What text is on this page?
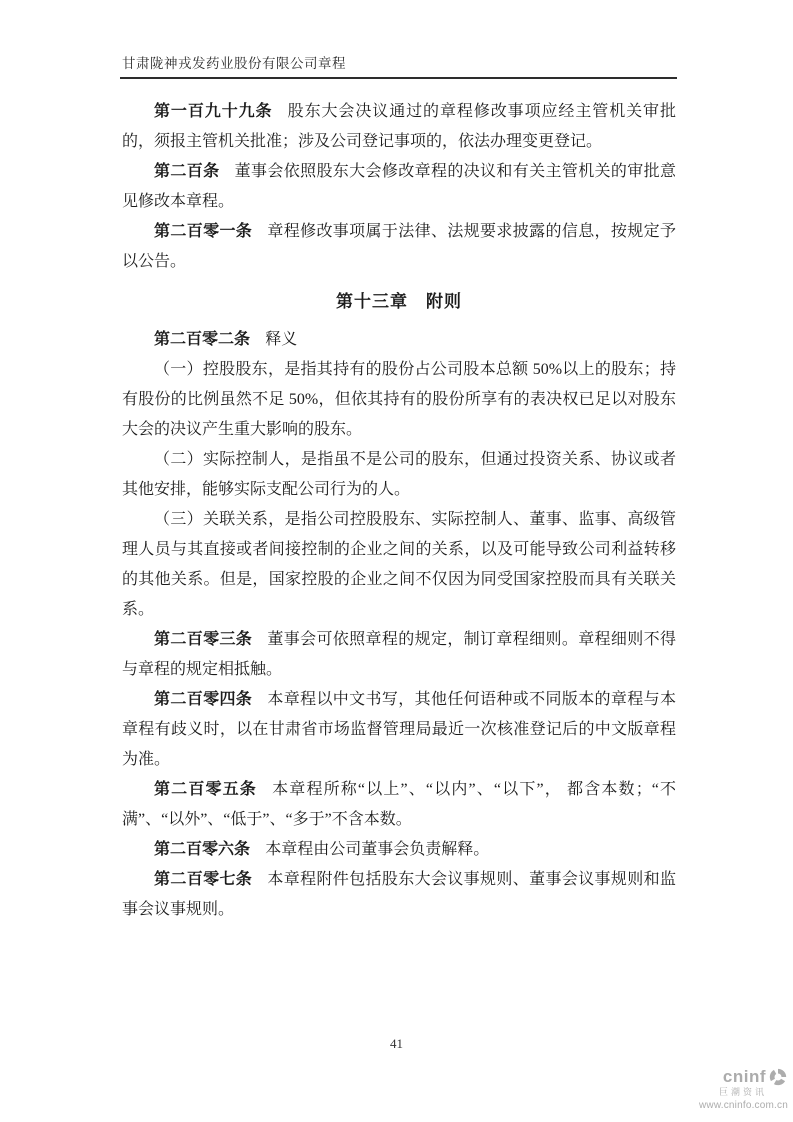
甘肃陇神戎发药业股份有限公司章程

第一百九十九条 股东大会决议通过的章程修改事项应经主管机关审批的，须报主管机关批准；涉及公司登记事项的，依法办理变更登记。

第二百条 董事会依照股东大会修改章程的决议和有关主管机关的审批意见修改本章程。

第二百零一条 章程修改事项属于法律、法规要求披露的信息，按规定予以公告。

第十三章　附则

第二百零二条 释义

（一）控股股东，是指其持有的股份占公司股本总额 50%以上的股东；持有股份的比例虽然不足 50%，但依其持有的股份所享有的表决权已足以对股东大会的决议产生重大影响的股东。

（二）实际控制人，是指虽不是公司的股东，但通过投资关系、协议或者其他安排，能够实际支配公司行为的人。

（三）关联关系，是指公司控股股东、实际控制人、董事、监事、高级管理人员与其直接或者间接控制的企业之间的关系，以及可能导致公司利益转移的其他关系。但是，国家控股的企业之间不仅因为同受国家控股而具有关联关系。

第二百零三条 董事会可依照章程的规定，制订章程细则。章程细则不得与章程的规定相抵触。

第二百零四条 本章程以中文书写，其他任何语种或不同版本的章程与本章程有歧义时，以在甘肃省市场监督管理局最近一次核准登记后的中文版章程为准。

第二百零五条 本章程所称“以上”、“以内”、“以下”， 都含本数；“不满”、“以外”、“低于”、“多于”不含本数。

第二百零六条 本章程由公司董事会负责解释。

第二百零七条 本章程附件包括股东大会议事规则、董事会议事规则和监事会议事规则。

41
cninf
巨潮资讯
www.cninfo.com.cn
